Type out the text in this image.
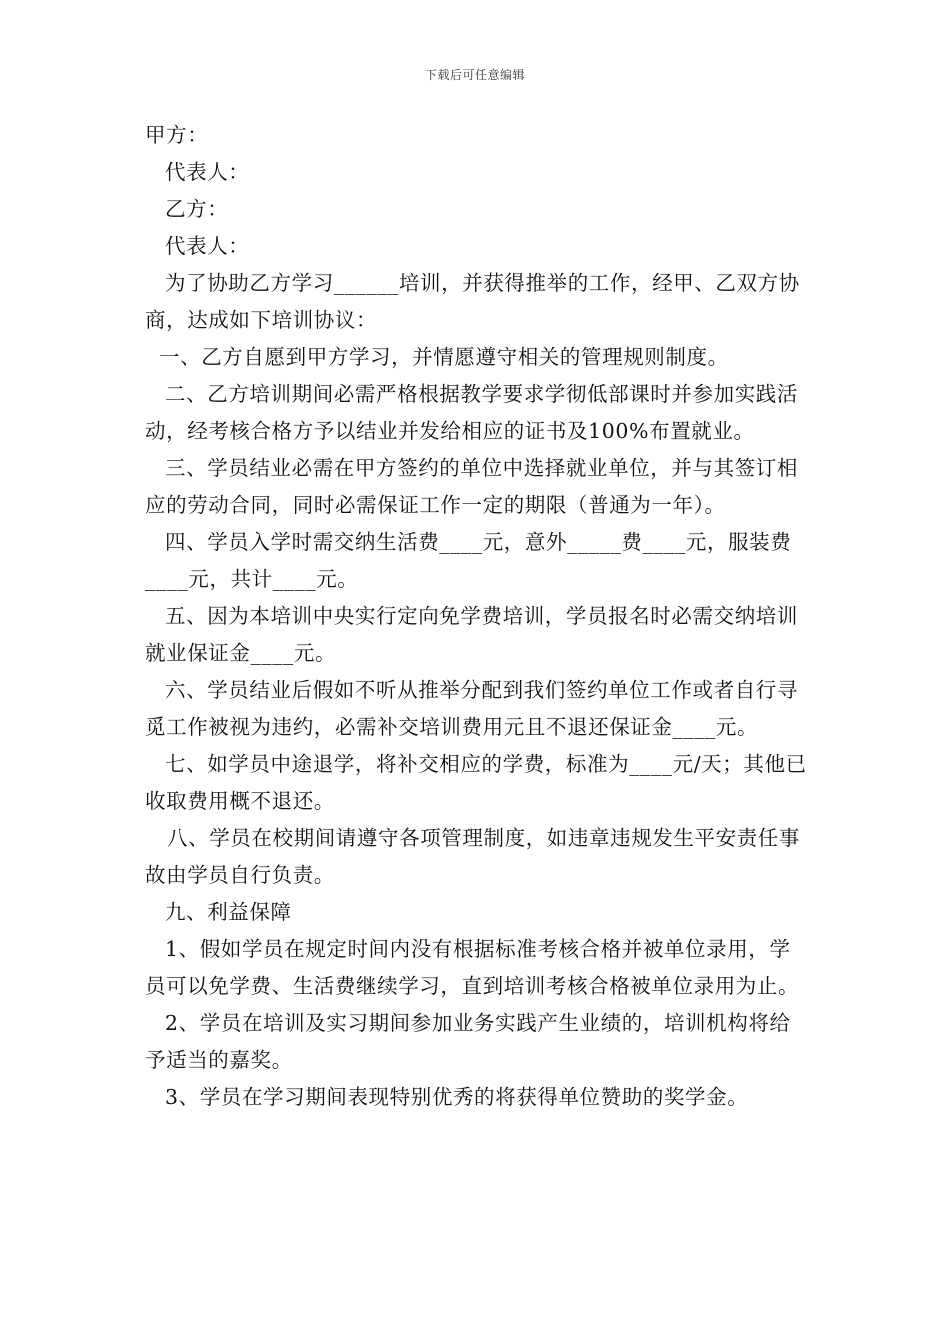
下载后可任意编辑

甲方：

代表人：

乙方：

代表人：

为了协助乙方学习______培训，并获得推举的工作，经甲、乙双方协商，达成如下培训协议：

一、乙方自愿到甲方学习，并情愿遵守相关的管理规则制度。

二、乙方培训期间必需严格根据教学要求学彻低部课时并参加实践活动，经考核合格方予以结业并发给相应的证书及100%布置就业。

三、学员结业必需在甲方签约的单位中选择就业单位，并与其签订相应的劳动合同，同时必需保证工作一定的期限（普通为一年）。

四、学员入学时需交纳生活费____元，意外_____费____元，服装费____元，共计____元。

五、因为本培训中央实行定向免学费培训，学员报名时必需交纳培训就业保证金____元。

六、学员结业后假如不听从推举分配到我们签约单位工作或者自行寻觅工作被视为违约，必需补交培训费用元且不退还保证金____元。

七、如学员中途退学，将补交相应的学费，标准为____元/天；其他已收取费用概不退还。

八、学员在校期间请遵守各项管理制度，如违章违规发生平安责任事故由学员自行负责。

九、利益保障

1、假如学员在规定时间内没有根据标准考核合格并被单位录用，学员可以免学费、生活费继续学习，直到培训考核合格被单位录用为止。

2、学员在培训及实习期间参加业务实践产生业绩的，培训机构将给予适当的嘉奖。

3、学员在学习期间表现特别优秀的将获得单位赞助的奖学金。
